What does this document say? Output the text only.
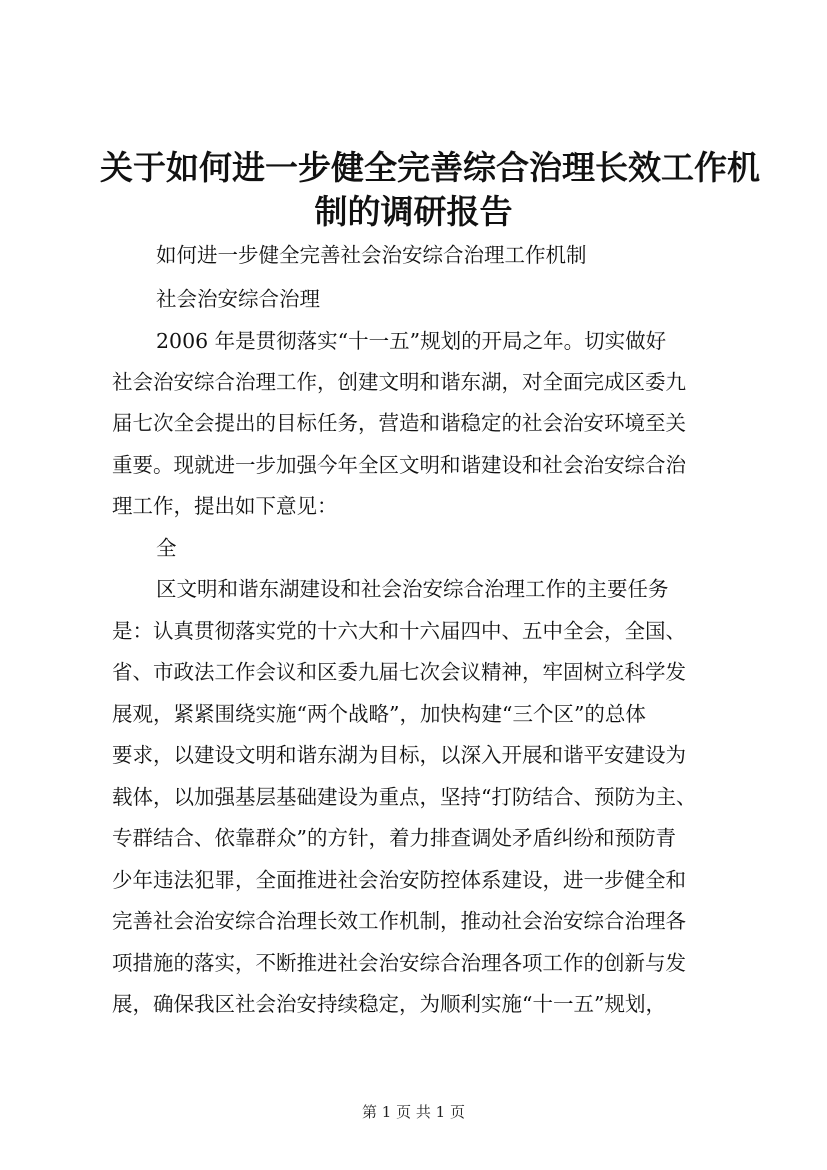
关于如何进一步健全完善综合治理长效工作机
制的调研报告
如何进一步健全完善社会治安综合治理工作机制
社会治安综合治理
2006 年是贯彻落实“十一五”规划的开局之年。切实做好
社会治安综合治理工作，创建文明和谐东湖，对全面完成区委九
届七次全会提出的目标任务，营造和谐稳定的社会治安环境至关
重要。现就进一步加强今年全区文明和谐建设和社会治安综合治
理工作，提出如下意见：
全
区文明和谐东湖建设和社会治安综合治理工作的主要任务
是：认真贯彻落实党的十六大和十六届四中、五中全会，全国、
省、市政法工作会议和区委九届七次会议精神，牢固树立科学发
展观，紧紧围绕实施“两个战略”，加快构建“三个区”的总体
要求，以建设文明和谐东湖为目标，以深入开展和谐平安建设为
载体，以加强基层基础建设为重点，坚持“打防结合、预防为主、
专群结合、依靠群众”的方针，着力排查调处矛盾纠纷和预防青
少年违法犯罪，全面推进社会治安防控体系建设，进一步健全和
完善社会治安综合治理长效工作机制，推动社会治安综合治理各
项措施的落实，不断推进社会治安综合治理各项工作的创新与发
展，确保我区社会治安持续稳定，为顺利实施“十一五”规划，
第 1 页 共 1 页
